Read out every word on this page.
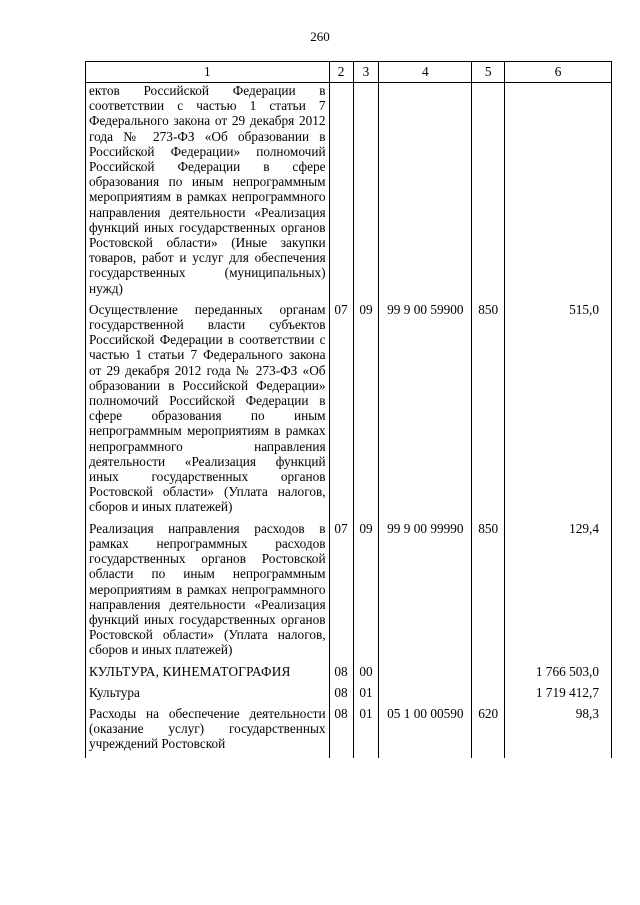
260
1	2	3	4	5	6
ектов Российской Федерации в соответствии с частью 1 статьи 7 Федерального закона от 29 декабря 2012 года № 273-ФЗ «Об образовании в Российской Федерации» полномочий Российской Федерации в сфере образования по иным непрограммным мероприятиям в рамках непрограммного направления деятельности «Реализация функций иных государственных органов Ростовской области» (Иные закупки товаров, работ и услуг для обеспечения государственных (муниципальных) нужд)					
Осуществление переданных органам государственной власти субъектов Российской Федерации в соответствии с частью 1 статьи 7 Федерального закона от 29 декабря 2012 года № 273-ФЗ «Об образовании в Российской Федерации» полномочий Российской Федерации в сфере образования по иным непрограммным мероприятиям в рамках непрограммного направления деятельности «Реализация функций иных государственных органов Ростовской области» (Уплата налогов, сборов и иных платежей)	07	09	99 9 00 59900	850	515,0
Реализация направления расходов в рамках непрограммных расходов государственных органов Ростовской области по иным непрограммным мероприятиям в рамках непрограммного направления деятельности «Реализация функций иных государственных органов Ростовской области» (Уплата налогов, сборов и иных платежей)	07	09	99 9 00 99990	850	129,4
КУЛЬТУРА, КИНЕМАТОГРАФИЯ	08	00			1 766 503,0
Культура	08	01			1 719 412,7
Расходы на обеспечение деятельности (оказание услуг) государственных учреждений Ростовской	08	01	05 1 00 00590	620	98,3
